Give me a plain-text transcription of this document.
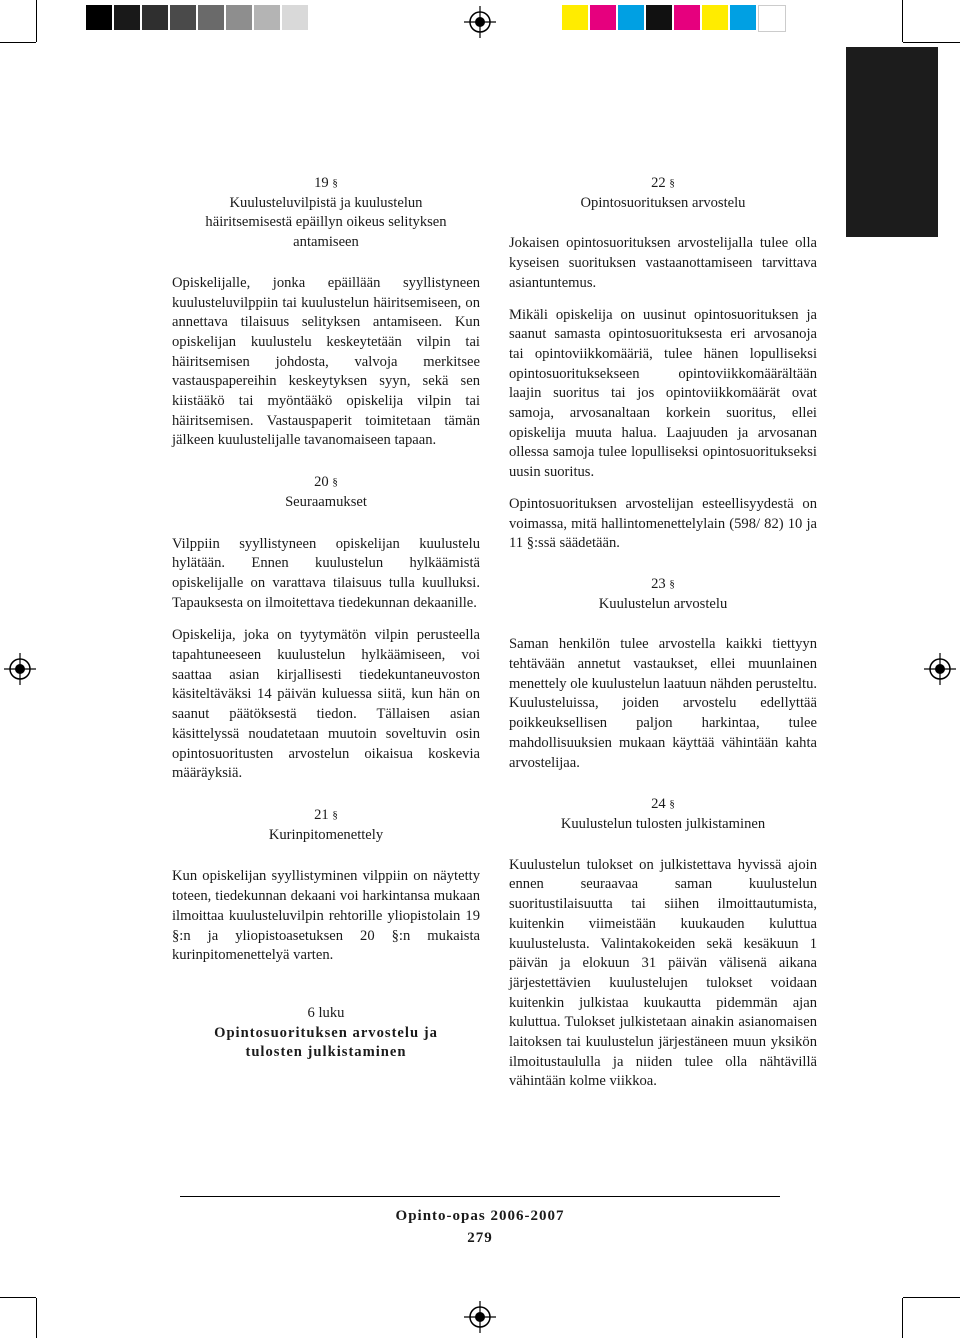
19 §

Kuulusteluvilpistä ja kuulustelun

häiritsemisestä epäillyn oikeus selityksen

antamiseen

Opiskelijalle, jonka epäillään syyllistyneen kuulusteluvilppiin tai kuulustelun häiritsemiseen, on annettava tilaisuus selityksen antamiseen. Kun opiskelijan kuulustelu keskeytetään vilpin tai häiritsemisen johdosta, valvoja merkitsee vastauspapereihin keskeytyksen syyn, sekä sen kiistääkö tai myöntääkö opiskelija vilpin tai häiritsemisen. Vastauspaperit toimitetaan tämän jälkeen kuulustelijalle tavanomaiseen tapaan.

20 §

Seuraamukset

Vilppiin syyllistyneen opiskelijan kuulustelu hylätään. Ennen kuulustelun hylkäämistä opiskelijalle on varattava tilaisuus tulla kuulluksi. Tapauksesta on ilmoitettava tiedekunnan dekaanille.

Opiskelija, joka on tyytymätön vilpin perusteella tapahtuneeseen kuulustelun hylkäämiseen, voi saattaa asian kirjallisesti tiedekuntaneuvoston käsiteltäväksi 14 päivän kuluessa siitä, kun hän on saanut päätöksestä tiedon. Tällaisen asian käsittelyssä noudatetaan muutoin soveltuvin osin opintosuoritusten arvostelun oikaisua koskevia määräyksiä.

21 §

Kurinpitomenettely

Kun opiskelijan syyllistyminen vilppiin on näytetty toteen, tiedekunnan dekaani voi harkintansa mukaan ilmoittaa kuulusteluvilpin rehtorille yliopistolain 19 §:n ja yliopistoasetuksen 20 §:n mukaista kurinpitomenettelyä varten.

6 luku

Opintosuorituksen arvostelu ja

tulosten julkistaminen

22 §

Opintosuorituksen arvostelu

Jokaisen opintosuorituksen arvostelijalla tulee olla kyseisen suorituksen vastaanottamiseen tarvittava asiantuntemus.

Mikäli opiskelija on uusinut opintosuorituksen ja saanut samasta opintosuorituksesta eri arvosanoja tai opintoviikkomääriä, tulee hänen lopulliseksi opintosuorituksekseen opintoviikkomäärältään laajin suoritus tai jos opintoviikkomäärät ovat samoja, arvosanaltaan korkein suoritus, ellei opiskelija muuta halua. Laajuuden ja arvosanan ollessa samoja tulee lopulliseksi opintosuoritukseksi uusin suoritus.

Opintosuorituksen arvostelijan esteellisyydestä on voimassa, mitä hallintomenettelylain (598/ 82) 10 ja 11 §:ssä säädetään.

23 §

Kuulustelun arvostelu

Saman henkilön tulee arvostella kaikki tiettyyn tehtävään annetut vastaukset, ellei muunlainen menettely ole kuulustelun laatuun nähden perusteltu. Kuulusteluissa, joiden arvostelu edellyttää poikkeuksellisen paljon harkintaa, tulee mahdollisuuksien mukaan käyttää vähintään kahta arvostelijaa.

24 §

Kuulustelun tulosten julkistaminen

Kuulustelun tulokset on julkistettava hyvissä ajoin ennen seuraavaa saman kuulustelun suoritustilaisuutta tai siihen ilmoittautumista, kuitenkin viimeistään kuukauden kuluttua kuulustelusta. Valintakokeiden sekä kesäkuun 1 päivän ja elokuun 31 päivän välisenä aikana järjestettävien kuulustelujen tulokset voidaan kuitenkin julkistaa kuukautta pidemmän ajan kuluttua. Tulokset julkistetaan ainakin asianomaisen laitoksen tai kuulustelun järjestäneen muun yksikön ilmoitustaululla ja niiden tulee olla nähtävillä vähintään kolme viikkoa.

Opinto-opas 2006-2007
279
